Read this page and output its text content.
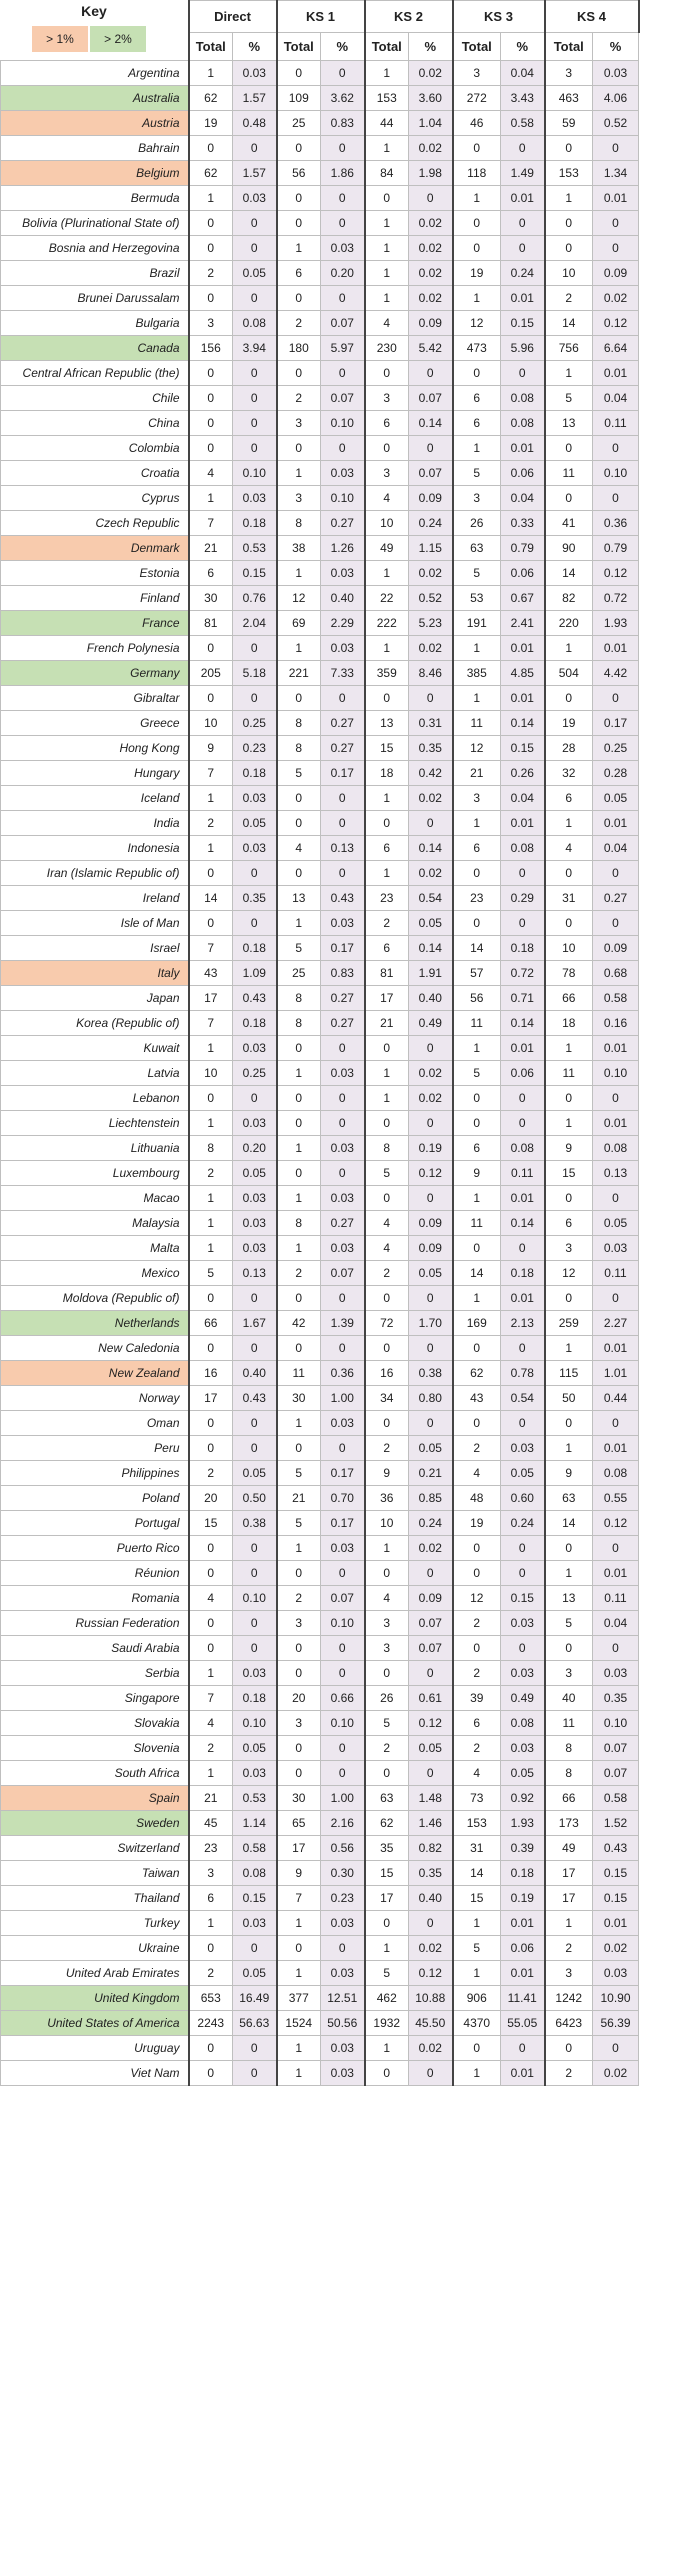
	Direct		KS 1		KS 2		KS 3		KS 4	
	Total	%	Total	%	Total	%	Total	%	Total	%
Argentina	1	0.03	0	0	1	0.02	3	0.04	3	0.03
Australia	62	1.57	109	3.62	153	3.60	272	3.43	463	4.06
Austria	19	0.48	25	0.83	44	1.04	46	0.58	59	0.52
Bahrain	0	0	0	0	1	0.02	0	0	0	0
Belgium	62	1.57	56	1.86	84	1.98	118	1.49	153	1.34
Bermuda	1	0.03	0	0	0	0	1	0.01	1	0.01
Bolivia (Plurinational State of)	0	0	0	0	1	0.02	0	0	0	0
Bosnia and Herzegovina	0	0	1	0.03	1	0.02	0	0	0	0
Brazil	2	0.05	6	0.20	1	0.02	19	0.24	10	0.09
Brunei Darussalam	0	0	0	0	1	0.02	1	0.01	2	0.02
Bulgaria	3	0.08	2	0.07	4	0.09	12	0.15	14	0.12
Canada	156	3.94	180	5.97	230	5.42	473	5.96	756	6.64
Central African Republic (the)	0	0	0	0	0	0	0	0	1	0.01
Chile	0	0	2	0.07	3	0.07	6	0.08	5	0.04
China	0	0	3	0.10	6	0.14	6	0.08	13	0.11
Colombia	0	0	0	0	0	0	1	0.01	0	0
Croatia	4	0.10	1	0.03	3	0.07	5	0.06	11	0.10
Cyprus	1	0.03	3	0.10	4	0.09	3	0.04	0	0
Czech Republic	7	0.18	8	0.27	10	0.24	26	0.33	41	0.36
Denmark	21	0.53	38	1.26	49	1.15	63	0.79	90	0.79
Estonia	6	0.15	1	0.03	1	0.02	5	0.06	14	0.12
Finland	30	0.76	12	0.40	22	0.52	53	0.67	82	0.72
France	81	2.04	69	2.29	222	5.23	191	2.41	220	1.93
French Polynesia	0	0	1	0.03	1	0.02	1	0.01	1	0.01
Germany	205	5.18	221	7.33	359	8.46	385	4.85	504	4.42
Gibraltar	0	0	0	0	0	0	1	0.01	0	0
Greece	10	0.25	8	0.27	13	0.31	11	0.14	19	0.17
Hong Kong	9	0.23	8	0.27	15	0.35	12	0.15	28	0.25
Hungary	7	0.18	5	0.17	18	0.42	21	0.26	32	0.28
Iceland	1	0.03	0	0	1	0.02	3	0.04	6	0.05
India	2	0.05	0	0	0	0	1	0.01	1	0.01
Indonesia	1	0.03	4	0.13	6	0.14	6	0.08	4	0.04
Iran (Islamic Republic of)	0	0	0	0	1	0.02	0	0	0	0
Ireland	14	0.35	13	0.43	23	0.54	23	0.29	31	0.27
Isle of Man	0	0	1	0.03	2	0.05	0	0	0	0
Israel	7	0.18	5	0.17	6	0.14	14	0.18	10	0.09
Italy	43	1.09	25	0.83	81	1.91	57	0.72	78	0.68
Japan	17	0.43	8	0.27	17	0.40	56	0.71	66	0.58
Korea (Republic of)	7	0.18	8	0.27	21	0.49	11	0.14	18	0.16
Kuwait	1	0.03	0	0	0	0	1	0.01	1	0.01
Latvia	10	0.25	1	0.03	1	0.02	5	0.06	11	0.10
Lebanon	0	0	0	0	1	0.02	0	0	0	0
Liechtenstein	1	0.03	0	0	0	0	0	0	1	0.01
Lithuania	8	0.20	1	0.03	8	0.19	6	0.08	9	0.08
Luxembourg	2	0.05	0	0	5	0.12	9	0.11	15	0.13
Macao	1	0.03	1	0.03	0	0	1	0.01	0	0
Malaysia	1	0.03	8	0.27	4	0.09	11	0.14	6	0.05
Malta	1	0.03	1	0.03	4	0.09	0	0	3	0.03
Mexico	5	0.13	2	0.07	2	0.05	14	0.18	12	0.11
Moldova (Republic of)	0	0	0	0	0	0	1	0.01	0	0
Netherlands	66	1.67	42	1.39	72	1.70	169	2.13	259	2.27
New Caledonia	0	0	0	0	0	0	0	0	1	0.01
New Zealand	16	0.40	11	0.36	16	0.38	62	0.78	115	1.01
Norway	17	0.43	30	1.00	34	0.80	43	0.54	50	0.44
Oman	0	0	1	0.03	0	0	0	0	0	0
Peru	0	0	0	0	2	0.05	2	0.03	1	0.01
Philippines	2	0.05	5	0.17	9	0.21	4	0.05	9	0.08
Poland	20	0.50	21	0.70	36	0.85	48	0.60	63	0.55
Portugal	15	0.38	5	0.17	10	0.24	19	0.24	14	0.12
Puerto Rico	0	0	1	0.03	1	0.02	0	0	0	0
Réunion	0	0	0	0	0	0	0	0	1	0.01
Romania	4	0.10	2	0.07	4	0.09	12	0.15	13	0.11
Russian Federation	0	0	3	0.10	3	0.07	2	0.03	5	0.04
Saudi Arabia	0	0	0	0	3	0.07	0	0	0	0
Serbia	1	0.03	0	0	0	0	2	0.03	3	0.03
Singapore	7	0.18	20	0.66	26	0.61	39	0.49	40	0.35
Slovakia	4	0.10	3	0.10	5	0.12	6	0.08	11	0.10
Slovenia	2	0.05	0	0	2	0.05	2	0.03	8	0.07
South Africa	1	0.03	0	0	0	0	4	0.05	8	0.07
Spain	21	0.53	30	1.00	63	1.48	73	0.92	66	0.58
Sweden	45	1.14	65	2.16	62	1.46	153	1.93	173	1.52
Switzerland	23	0.58	17	0.56	35	0.82	31	0.39	49	0.43
Taiwan	3	0.08	9	0.30	15	0.35	14	0.18	17	0.15
Thailand	6	0.15	7	0.23	17	0.40	15	0.19	17	0.15
Turkey	1	0.03	1	0.03	0	0	1	0.01	1	0.01
Ukraine	0	0	0	0	1	0.02	5	0.06	2	0.02
United Arab Emirates	2	0.05	1	0.03	5	0.12	1	0.01	3	0.03
United Kingdom	653	16.49	377	12.51	462	10.88	906	11.41	1242	10.90
United States of America	2243	56.63	1524	50.56	1932	45.50	4370	55.05	6423	56.39
Uruguay	0	0	1	0.03	1	0.02	0	0	0	0
Viet Nam	0	0	1	0.03	0	0	1	0.01	2	0.02
Key
> 1%	> 2%
